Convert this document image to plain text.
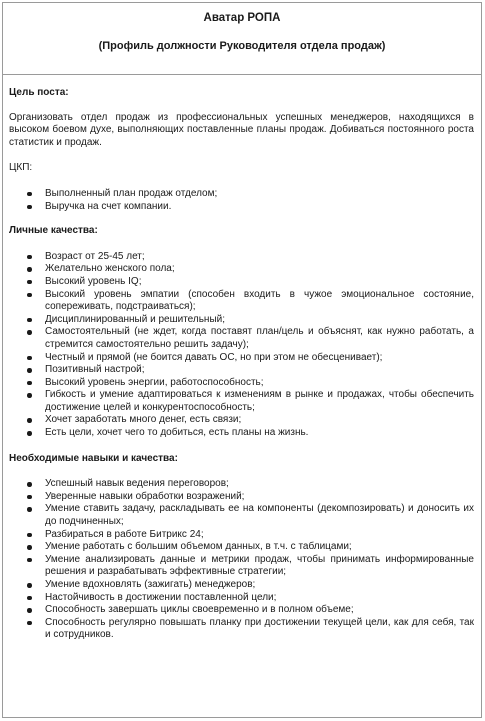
Аватар РОПА
(Профиль должности Руководителя отдела продаж)
Цель поста:

Организовать отдел продаж из профессиональных успешных менеджеров, находящихся в высоком боевом духе, выполняющих поставленные планы продаж. Добиваться постоянного роста статистик и продаж.

ЦКП:
Выполненный план продаж отделом;
Выручка на счет компании.
Личные качества:
Возраст от 25-45 лет;
Желательно женского пола;
Высокий уровень IQ;
Высокий уровень эмпатии (способен входить в чужое эмоциональное состояние, сопереживать, подстраиваться);
Дисциплинированный и решительный;
Самостоятельный (не ждет, когда поставят план/цель и объяснят, как нужно работать, а стремится самостоятельно решить задачу);
Честный и прямой (не боится давать ОС, но при этом не обесценивает);
Позитивный настрой;
Высокий уровень энергии, работоспособность;
Гибкость и умение адаптироваться к изменениям в рынке и продажах, чтобы обеспечить достижение целей и конкурентоспособность;
Хочет заработать много денег, есть связи;
Есть цели, хочет чего то добиться, есть планы на жизнь.
Необходимые навыки и качества:
Успешный навык ведения переговоров;
Уверенные навыки обработки возражений;
Умение ставить задачу, раскладывать ее на компоненты (декомпозировать) и доносить их до подчиненных;
Разбираться в работе Битрикс 24;
Умение работать с большим объемом данных, в т.ч. с таблицами;
Умение анализировать данные и метрики продаж, чтобы принимать информированные решения и разрабатывать эффективные стратегии;
Умение вдохновлять (зажигать) менеджеров;
Настойчивость в достижении поставленной цели;
Способность завершать циклы своевременно и в полном объеме;
Способность регулярно повышать планку при достижении текущей цели, как для себя, так и сотрудников.
